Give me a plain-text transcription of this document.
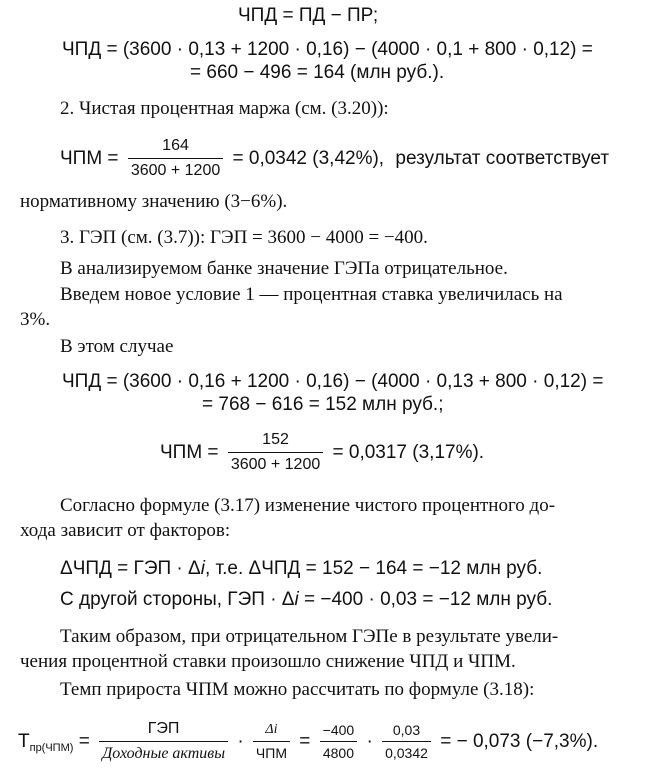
ЧПД = ПД − ПР;
ЧПД = (3600 · 0,13 + 1200 · 0,16) − (4000 · 0,1 + 800 · 0,12) =
= 660 − 496 = 164 (млн руб.).
2. Чистая процентная маржа (см. (3.20)):
ЧПМ = $\frac{164}{3600 + 1200} = 0,0342$ (3,42%), результат соответствует
нормативному значению (3−6%).
3. ГЭП (см. (3.7)): ГЭП = 3600 − 4000 = −400.
В анализируемом банке значение ГЭПа отрицательное.
Введем новое условие 1 — процентная ставка увеличилась на
3%.
В этом случае
ЧПД = (3600 · 0,16 + 1200 · 0,16) − (4000 · 0,13 + 800 · 0,12) =
= 768 − 616 = 152 млн руб.;
ЧПМ = $\frac{152}{3600 + 1200} = 0,0317$ (3,17%).
Согласно формуле (3.17) изменение чистого процентного до-
хода зависит от факторов:
ΔЧПД = ГЭП · Δi, т.е. ΔЧПД = 152 − 164 = −12 млн руб.
С другой стороны, ГЭП · Δi = −400 · 0,03 = −12 млн руб.
Таким образом, при отрицательном ГЭПе в результате увели-
чения процентной ставки произошло снижение ЧПД и ЧПМ.
Темп прироста ЧПМ можно рассчитать по формуле (3.18):
$T_{пр(ЧПМ)} = \frac{\text{ГЭП}}{\text{Доходные активы}} \cdot \frac{\Delta i}{\text{ЧПМ}} = \frac{-400}{4800} \cdot \frac{0,03}{0,0342}$ = − 0,073 (−7,3%).
